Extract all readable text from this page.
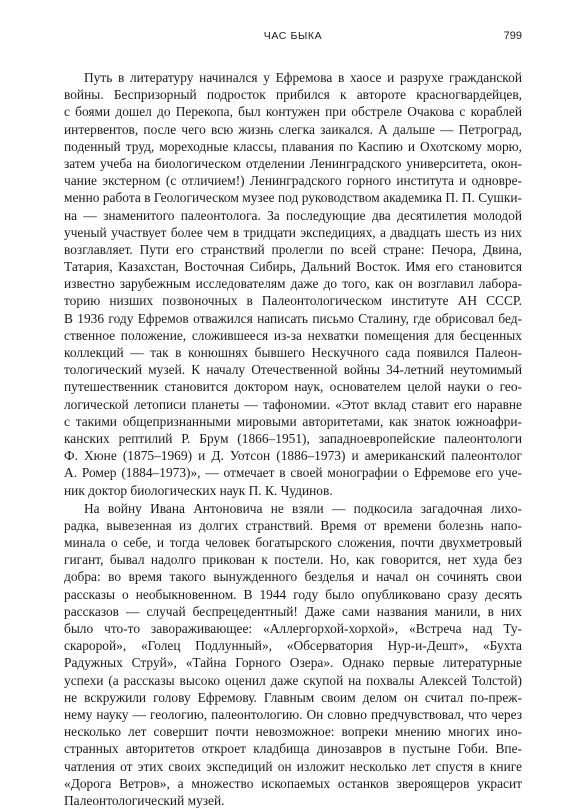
ЧАС БЫКА	799
Путь в литературу начинался у Ефремова в хаосе и разрухе гражданской
войны. Беспризорный подросток прибился к автороте красногвардейцев,
с боями дошел до Перекопа, был контужен при обстреле Очакова с кораблей
интервентов, после чего всю жизнь слегка заикался. А дальше — Петроград,
поденный труд, мореходные классы, плавания по Каспию и Охотскому морю,
затем учеба на биологическом отделении Ленинградского университета, окон-
чание экстерном (с отличием!) Ленинградского горного института и одновре-
менно работа в Геологическом музее под руководством академика П. П. Сушки-
на — знаменитого палеонтолога. За последующие два десятилетия молодой
ученый участвует более чем в тридцати экспедициях, а двадцать шесть из них
возглавляет. Пути его странствий пролегли по всей стране: Печора, Двина,
Татария, Казахстан, Восточная Сибирь, Дальний Восток. Имя его становится
известно зарубежным исследователям даже до того, как он возглавил лабора-
торию низших позвоночных в Палеонтологическом институте АН СССР.
В 1936 году Ефремов отважился написать письмо Сталину, где обрисовал бед-
ственное положение, сложившееся из-за нехватки помещения для бесценных
коллекций — так в конюшнях бывшего Нескучного сада появился Палеон-
тологический музей. К началу Отечественной войны 34-летний неутомимый
путешественник становится доктором наук, основателем целой науки о гео-
логической летописи планеты — тафономии. «Этот вклад ставит его наравне
с такими общепризнанными мировыми авторитетами, как знаток южноафри-
канских рептилий Р. Брум (1866–1951), западноевропейские палеонтологи
Ф. Хюне (1875–1969) и Д. Уотсон (1886–1973) и американский палеонтолог
А. Ромер (1884–1973)», — отмечает в своей монографии о Ефремове его уче-
ник доктор биологических наук П. К. Чудинов.
На войну Ивана Антоновича не взяли — подкосила загадочная лихо-
радка, вывезенная из долгих странствий. Время от времени болезнь напо-
минала о себе, и тогда человек богатырского сложения, почти двухметровый
гигант, бывал надолго прикован к постели. Но, как говорится, нет худа без
добра: во время такого вынужденного безделья и начал он сочинять свои
рассказы о необыкновенном. В 1944 году было опубликовано сразу десять
рассказов — случай беспрецедентный! Даже сами названия манили, в них
было что-то завораживающее: «Аллергорхой-хорхой», «Встреча над Ту-
скаророй», «Голец Подлунный», «Обсерватория Нур-и-Дешт», «Бухта
Радужных Струй», «Тайна Горного Озера». Однако первые литературные
успехи (а рассказы высоко оценил даже скупой на похвалы Алексей Толстой)
не вскружили голову Ефремову. Главным своим делом он считал по-преж-
нему науку — геологию, палеонтологию. Он словно предчувствовал, что через
несколько лет совершит почти невозможное: вопреки мнению многих ино-
странных авторитетов откроет кладбища динозавров в пустыне Гоби. Впе-
чатления от этих своих экспедиций он изложит несколько лет спустя в книге
«Дорога Ветров», а множество ископаемых останков звероящеров украсит
Палеонтологический музей.
